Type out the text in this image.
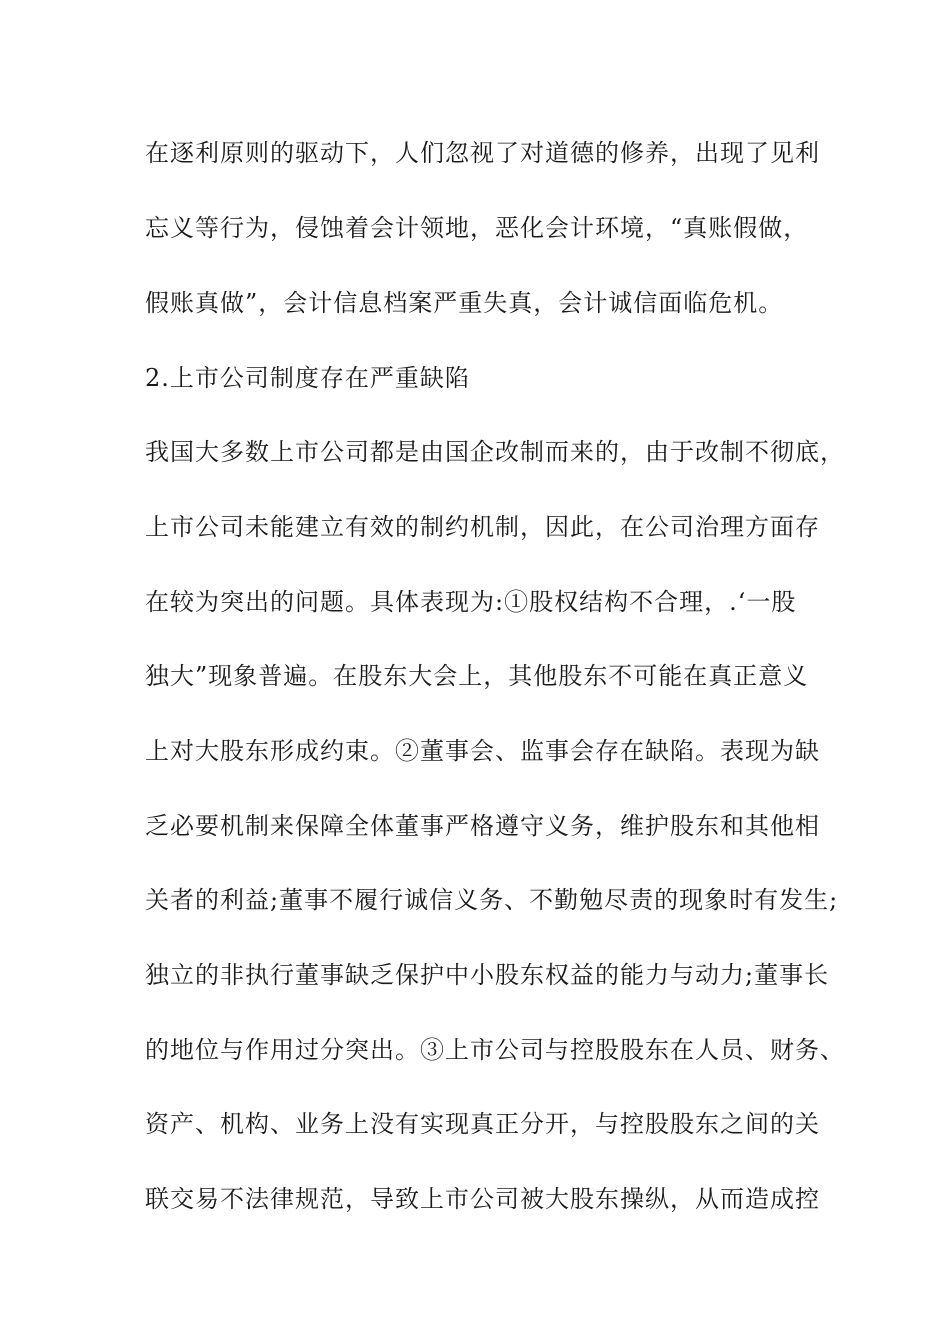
在逐利原则的驱动下，人们忽视了对道德的修养，出现了见利

忘义等行为，侵蚀着会计领地，恶化会计环境，“真账假做，

假账真做”，会计信息档案严重失真，会计诚信面临危机。

2.上市公司制度存在严重缺陷

我国大多数上市公司都是由国企改制而来的，由于改制不彻底，

上市公司未能建立有效的制约机制，因此，在公司治理方面存

在较为突出的问题。具体表现为:①股权结构不合理，.‘一股

独大”现象普遍。在股东大会上，其他股东不可能在真正意义

上对大股东形成约束。②董事会、监事会存在缺陷。表现为缺

乏必要机制来保障全体董事严格遵守义务，维护股东和其他相

关者的利益;董事不履行诚信义务、不勤勉尽责的现象时有发生;

独立的非执行董事缺乏保护中小股东权益的能力与动力;董事长

的地位与作用过分突出。③上市公司与控股股东在人员、财务、

资产、机构、业务上没有实现真正分开，与控股股东之间的关

联交易不法律规范，导致上市公司被大股东操纵，从而造成控
